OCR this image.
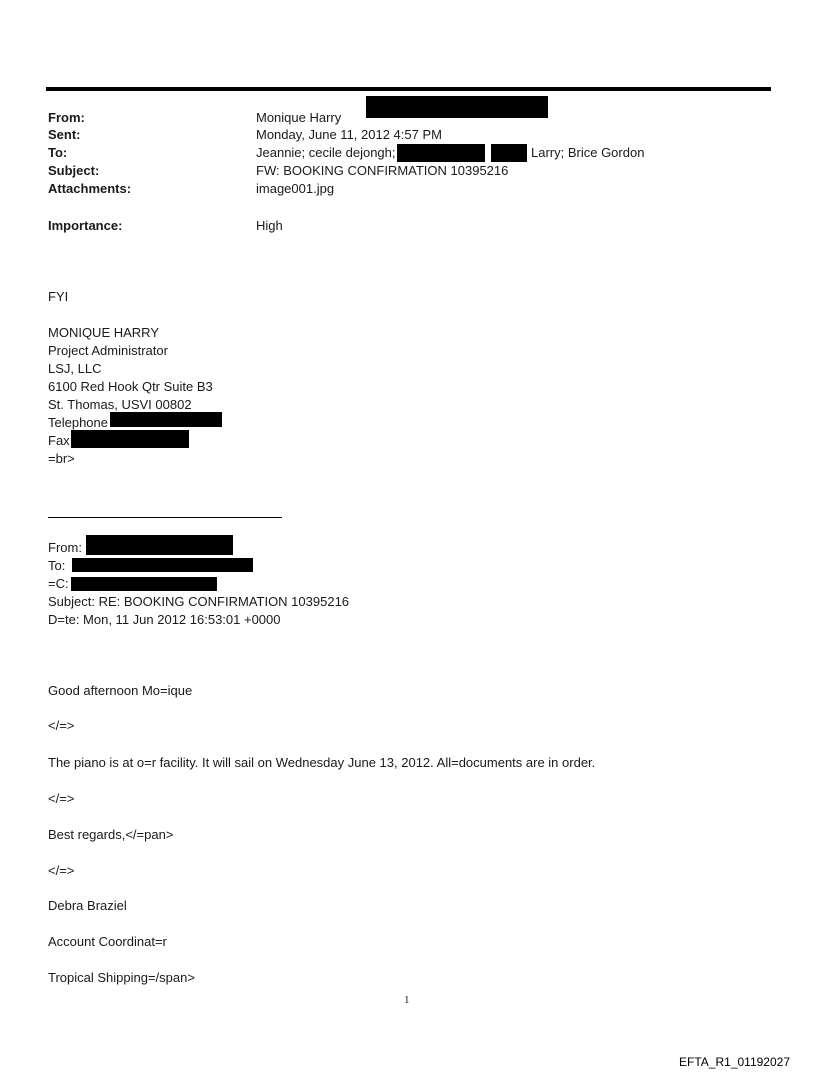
From:	Monique Harry
Sent:	Monday, June 11, 2012 4:57 PM
To:	Jeannie; cecile dejongh;	Larry; Brice Gordon
Subject:	FW: BOOKING CONFIRMATION 10395216
Attachments:	image001.jpg
Importance:	High
FYI
MONIQUE HARRY
Project Administrator
LSJ, LLC
6100 Red Hook Qtr Suite B3
St. Thomas, USVI 00802
Telephone
Fax
=br>
From:
To:
=C:
Subject: RE: BOOKING CONFIRMATION 10395216
D=te: Mon, 11 Jun 2012 16:53:01 +0000
Good afternoon Mo=ique
</=>
The piano is at o=r facility. It will sail on Wednesday June 13, 2012. All=documents are in order.
</=>
Best regards,</=pan>
</=>
Debra Braziel
Account Coordinat=r
Tropical Shipping=/span>
1
EFTA_R1_01192027
